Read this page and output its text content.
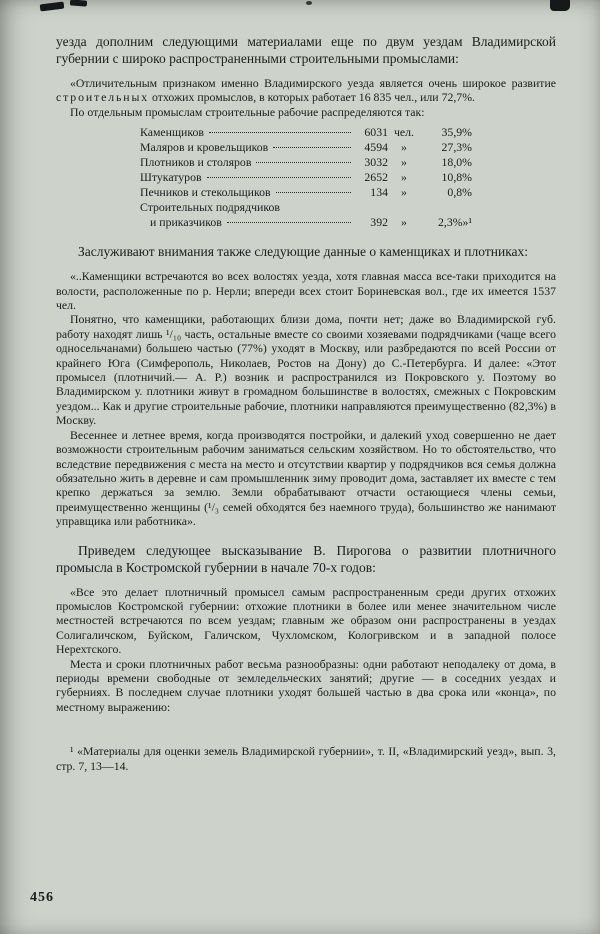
уезда дополним следующими материалами еще по двум уездам Владимирской губернии с широко распространенными строительными промыслами:

«Отличительным признаком именно Владимирского уезда является очень широкое развитие строительных отхожих промыслов, в которых работает 16 835 чел., или 72,7%.

По отдельным промыслам строительные рабочие распределяются так:

Каменщиков	6031 чел.	35,9%
Маляров и кровельщиков	4594	»	27,3%
Плотников и столяров	3032	»	18,0%
Штукатуров	2652	»	10,8%
Печников и стекольщиков	134	»	0,8%
Строительных подрядчиков
и приказчиков	392	»	2,3%»¹

Заслуживают внимания также следующие данные о каменщиках и плотниках:

«..Каменщики встречаются во всех волостях уезда, хотя главная масса все-таки приходится на волости, расположенные по р. Нерли; впереди всех стоит Бориневская вол., где их имеется 1537 чел.

Понятно, что каменщики, работающих близи дома, почти нет; даже во Владимирской губ. работу находят лишь ¹/₁₀ часть, остальные вместе со своими хозяевами подрядчиками (чаще всего односельчанами) большею частью (77%) уходят в Москву, или разбредаются по всей России от крайнего Юга (Симферополь, Николаев, Ростов на Дону) до С.-Петербурга. И далее: «Этот промысел (плотничий.— А. Р.) возник и распространился из Покровского у. Поэтому во Владимирском у. плотники живут в громадном большинстве в волостях, смежных с Покровским уездом... Как и другие строительные рабочие, плотники направляются преимущественно (82,3%) в Москву.

Весеннее и летнее время, когда производятся постройки, и далекий уход совершенно не дает возможности строительным рабочим заниматься сельским хозяйством. Но то обстоятельство, что вследствие передвижения с места на место и отсутствии квартир у подрядчиков вся семья должна обязательно жить в деревне и сам промышленник зиму проводит дома, заставляет их вместе с тем крепко держаться за землю. Земли обрабатывают отчасти остающиеся члены семьи, преимущественно женщины (¹/₃ семей обходятся без наемного труда), большинство же нанимают управщика или работника».

Приведем следующее высказывание В. Пирогова о развитии плотничного промысла в Костромской губернии в начале 70-х годов:

«Все это делает плотничный промысел самым распространенным среди других отхожих промыслов Костромской губернии: отхожие плотники в более или менее значительном числе местностей встречаются по всем уездам; главным же образом они распространены в уездах Солигаличском, Буйском, Галичском, Чухломском, Кологривском и в западной полосе Нерехтского.

Места и сроки плотничных работ весьма разнообразны: одни работают неподалеку от дома, в периоды времени свободные от земледельческих занятий; другие — в соседних уездах и губерниях. В последнем случае плотники уходят большей частью в два срока или «конца», по местному выражению:

¹ «Материалы для оценки земель Владимирской губернии», т. II, «Владимирский уезд», вып. 3, стр. 7, 13—14.

456
